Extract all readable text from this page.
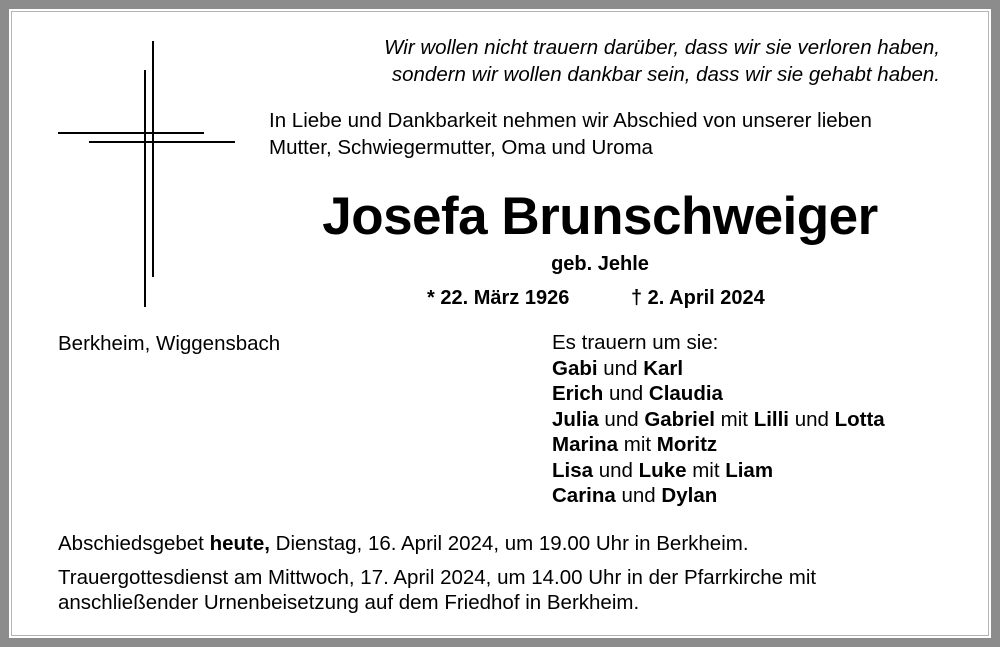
Wir wollen nicht trauern darüber, dass wir sie verloren haben,
sondern wir wollen dankbar sein, dass wir sie gehabt haben.
In Liebe und Dankbarkeit nehmen wir Abschied von unserer lieben
Mutter, Schwiegermutter, Oma und Uroma
Josefa Brunschweiger
geb. Jehle
* 22. März 1926	† 2. April 2024
Berkheim, Wiggensbach	Es trauern um sie:
Gabi und Karl
Erich und Claudia
Julia und Gabriel mit Lilli und Lotta
Marina mit Moritz
Lisa und Luke mit Liam
Carina und Dylan
Abschiedsgebet heute, Dienstag, 16. April 2024, um 19.00 Uhr in Berkheim.
Trauergottesdienst am Mittwoch, 17. April 2024, um 14.00 Uhr in der Pfarrkirche mit
anschließender Urnenbeisetzung auf dem Friedhof in Berkheim.
